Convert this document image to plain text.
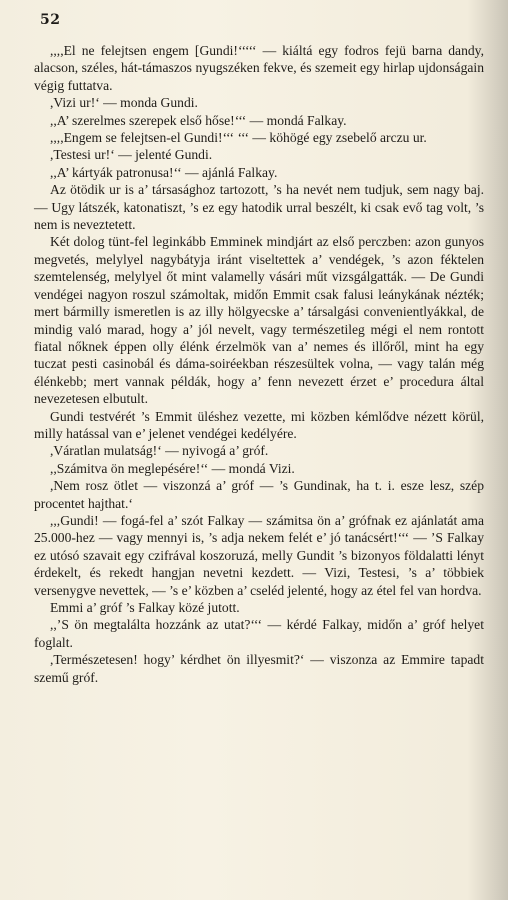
52

,,,,El ne felejtsen engem [Gundi!‘‘‘‘‘ — kiáltá egy fodros fejü barna dandy, alacson, széles, hát-támaszos nyugszéken fekve, és szemeit egy hirlap ujdonságain végig futtatva.

,Vizi ur!‘ — monda Gundi.

,,A’ szerelmes szerepek első hőse!‘‘‘ — mondá Falkay.

,,,,Engem se felejtsen-el Gundi!‘‘‘ ‘‘‘ — köhögé egy zsebelő arczu ur.

,Testesi ur!‘ — jelenté Gundi.

,,A’ kártyák patronusa!‘‘ — ajánlá Falkay.

Az ötödik ur is a’ társasághoz tartozott, ’s ha nevét nem tudjuk, sem nagy baj. — Ugy látszék, katonatiszt, ’s ez egy hatodik urral beszélt, ki csak evő tag volt, ’s nem is neveztetett.

Két dolog tünt-fel leginkább Emminek mindjárt az első perczben: azon gunyos megvetés, melylyel nagybátyja iránt viseltettek a’ vendégek, ’s azon féktelen szemtelenség, melylyel őt mint valamelly vásári műt vizsgálgatták. — De Gundi vendégei nagyon roszul számoltak, midőn Emmit csak falusi leánykának nézték; mert bármilly ismeretlen is az illy hölgyecske a’ társalgási convenientlyákkal, de mindig való marad, hogy a’ jól nevelt, vagy természetileg mégi el nem rontott fiatal nőknek éppen olly élénk érzelmök van a’ nemes és illőről, mint ha egy tuczat pesti casinobál és dáma-soiréekban részesültek volna, — vagy talán még élénkebb; mert vannak példák, hogy a’ fenn nevezett érzet e’ procedura által nevezetesen elbutult.

Gundi testvérét ’s Emmit üléshez vezette, mi közben kémlődve nézett körül, milly hatással van e’ jelenet vendégei kedélyére.

,Váratlan mulatság!‘ — nyivogá a’ gróf.

,,Számitva ön meglepésére!‘‘ — mondá Vizi.

,Nem rosz ötlet — viszonzá a’ gróf — ’s Gundinak, ha t. i. esze lesz, szép procentet hajthat.‘

,,,Gundi! — fogá-fel a’ szót Falkay — számitsa ön a’ grófnak ez ajánlatát ama 25.000-hez — vagy mennyi is, ’s adja nekem felét e’ jó tanácsért!‘‘‘ — ’S Falkay ez utósó szavait egy czifrával koszoruzá, melly Gundit ’s bizonyos földalatti lényt érdekelt, és rekedt hangjan nevetni kezdett. — Vizi, Testesi, ’s a’ többiek versenygve nevettek, — ’s e’ közben a’ cseléd jelenté, hogy az étel fel van hordva.

Emmi a’ gróf ’s Falkay közé jutott.

,,’S ön megtalálta hozzánk az utat?‘‘‘ — kérdé Falkay, midőn a’ gróf helyet foglalt.

,Természetesen! hogy’ kérdhet ön illyesmit?‘ — viszonza az Emmire tapadt szemű gróf.
